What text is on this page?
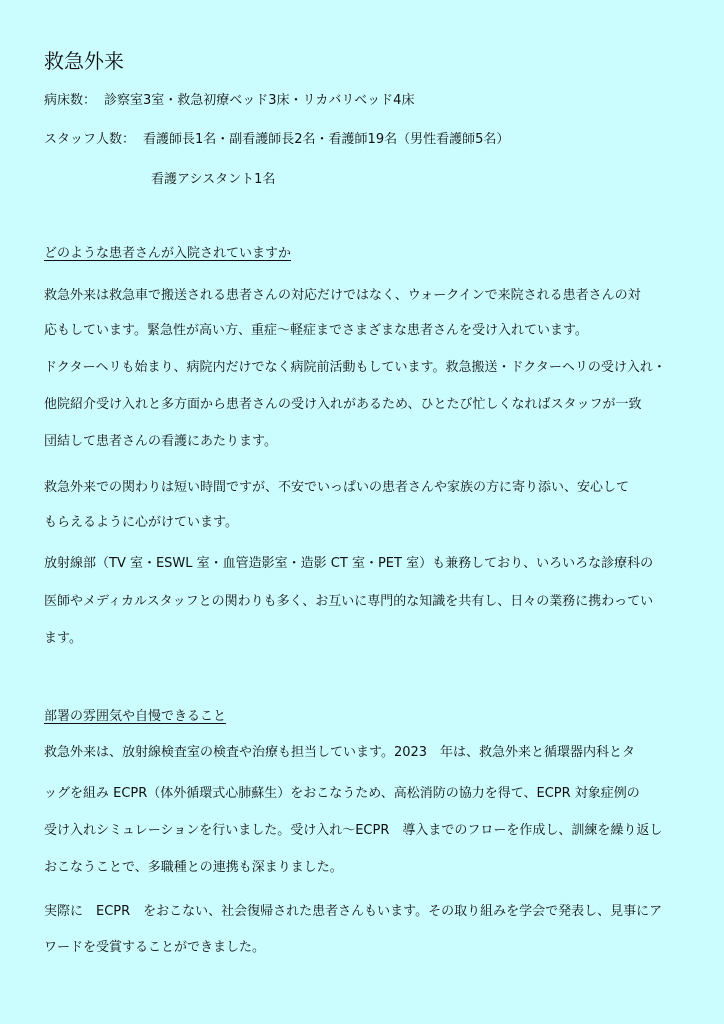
救急外来
病床数： 診察室3室・救急初療ベッド3床・リカバリベッド4床
スタッフ人数： 看護師長1名・副看護師長2名・看護師19名（男性看護師5名）
看護アシスタント1名
どのような患者さんが入院されていますか
救急外来は救急車で搬送される患者さんの対応だけではなく、ウォークインで来院される患者さんの対
応もしています。緊急性が高い方、重症～軽症までさまざまな患者さんを受け入れています。
ドクターヘリも始まり、病院内だけでなく病院前活動もしています。救急搬送・ドクターヘリの受け入れ・
他院紹介受け入れと多方面から患者さんの受け入れがあるため、ひとたび忙しくなればスタッフが一致
団結して患者さんの看護にあたります。
救急外来での関わりは短い時間ですが、不安でいっぱいの患者さんや家族の方に寄り添い、安心して
もらえるように心がけています。
放射線部（TV 室・ESWL 室・血管造影室・造影 CT 室・PET 室）も兼務しており、いろいろな診療科の
医師やメディカルスタッフとの関わりも多く、お互いに専門的な知識を共有し、日々の業務に携わってい
ます。
部署の雰囲気や自慢できること
救急外来は、放射線検査室の検査や治療も担当しています。2023　年は、救急外来と循環器内科とタ
ッグを組み ECPR（体外循環式心肺蘇生）をおこなうため、高松消防の協力を得て、ECPR 対象症例の
受け入れシミュレーションを行いました。受け入れ～ECPR　導入までのフローを作成し、訓練を繰り返し
おこなうことで、多職種との連携も深まりました。
実際に　ECPR　をおこない、社会復帰された患者さんもいます。その取り組みを学会で発表し、見事にア
ワードを受賞することができました。
